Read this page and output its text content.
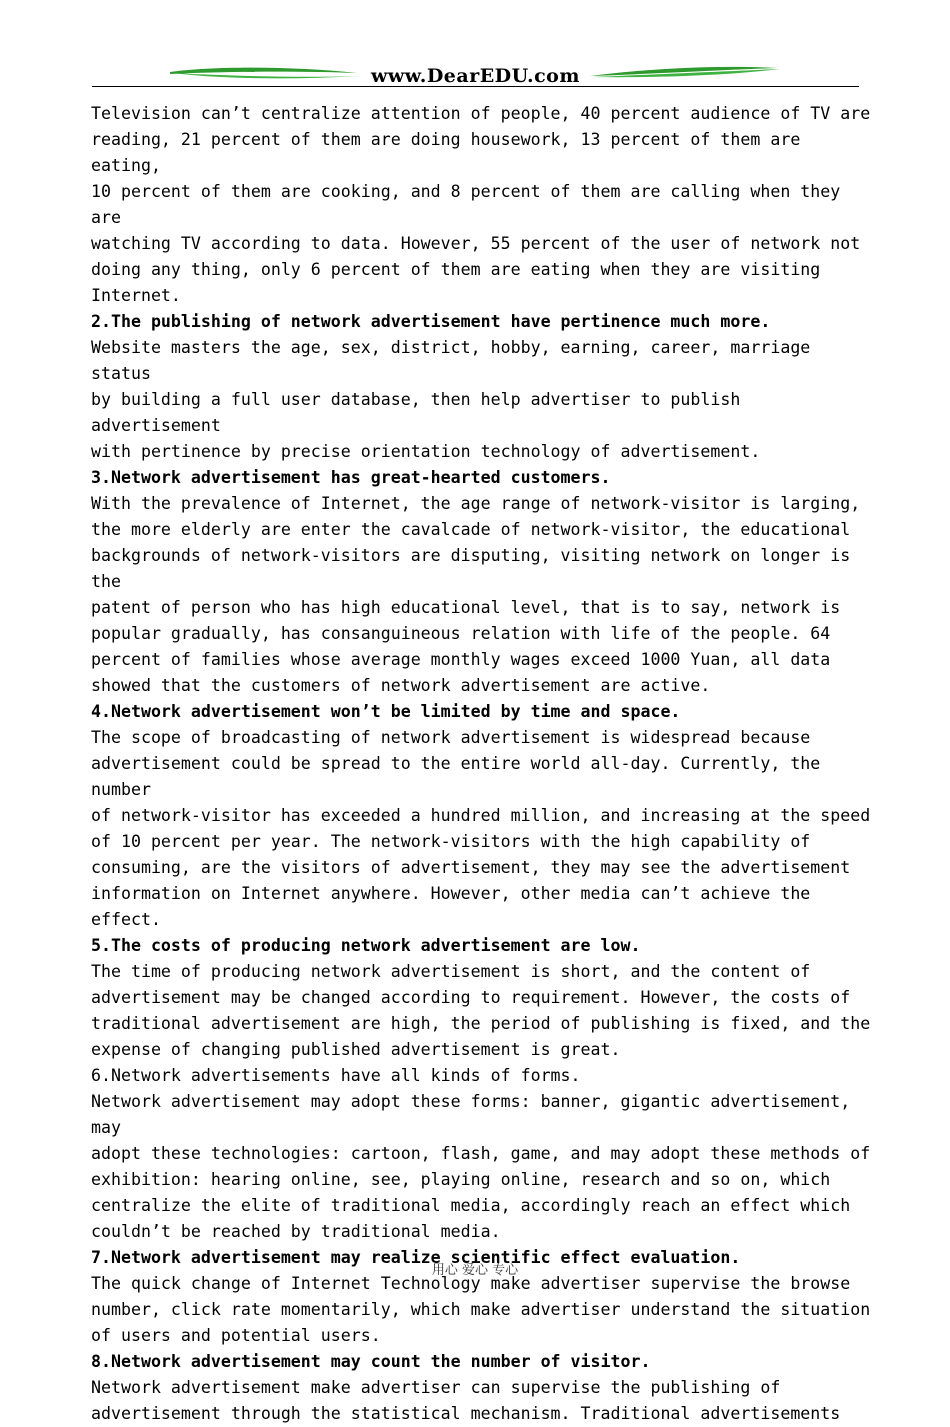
www.DearEDU.com

Television can’t centralize attention of people, 40 percent audience of TV are

reading, 21 percent of them are doing housework, 13 percent of them are eating,

10 percent of them are cooking, and 8 percent of them are calling when they are

watching TV according to data. However, 55 percent of the user of network not

doing any thing, only 6 percent of them are eating when they are visiting

Internet.

2.The publishing of network advertisement have pertinence much more.

Website masters the age, sex, district, hobby, earning, career, marriage status

by building a full user database, then help advertiser to publish advertisement

with pertinence by precise orientation technology of advertisement.

3.Network advertisement has great-hearted customers.

With the prevalence of Internet, the age range of network-visitor is larging,

the more elderly are enter the cavalcade of network-visitor, the educational

backgrounds of network-visitors are disputing, visiting network on longer is the

patent of person who has high educational level, that is to say, network is

popular gradually, has consanguineous relation with life of the people. 64

percent of families whose average monthly wages exceed 1000 Yuan, all data

showed that the customers of network advertisement are active.

4.Network advertisement won’t be limited by time and space.

The scope of broadcasting of network advertisement is widespread because

advertisement could be spread to the entire world all-day. Currently, the number

of network-visitor has exceeded a hundred million, and increasing at the speed

of 10 percent per year. The network-visitors with the high capability of

consuming, are the visitors of advertisement, they may see the advertisement

information on Internet anywhere. However, other media can’t achieve the

effect.

5.The costs of producing network advertisement are low.

The time of producing network advertisement is short, and the content of

advertisement may be changed according to requirement. However, the costs of

traditional advertisement are high, the period of publishing is fixed, and the

expense of changing published advertisement is great.

6.Network advertisements have all kinds of forms.

Network advertisement may adopt these forms: banner, gigantic advertisement, may

adopt these technologies: cartoon, flash, game, and may adopt these methods of

exhibition: hearing online, see, playing online, research and so on, which

centralize the elite of traditional media, accordingly reach an effect which

couldn’t be reached by traditional media.

7.Network advertisement may realize scientific effect evaluation.

The quick change of Internet Technology make advertiser supervise the browse

number, click rate momentarily, which make advertiser understand the situation

of users and potential users.

8.Network advertisement may count the number of visitor.

Network advertisement make advertiser can supervise the publishing of

advertisement through the statistical mechanism. Traditional advertisements

用心 爱心 专心
